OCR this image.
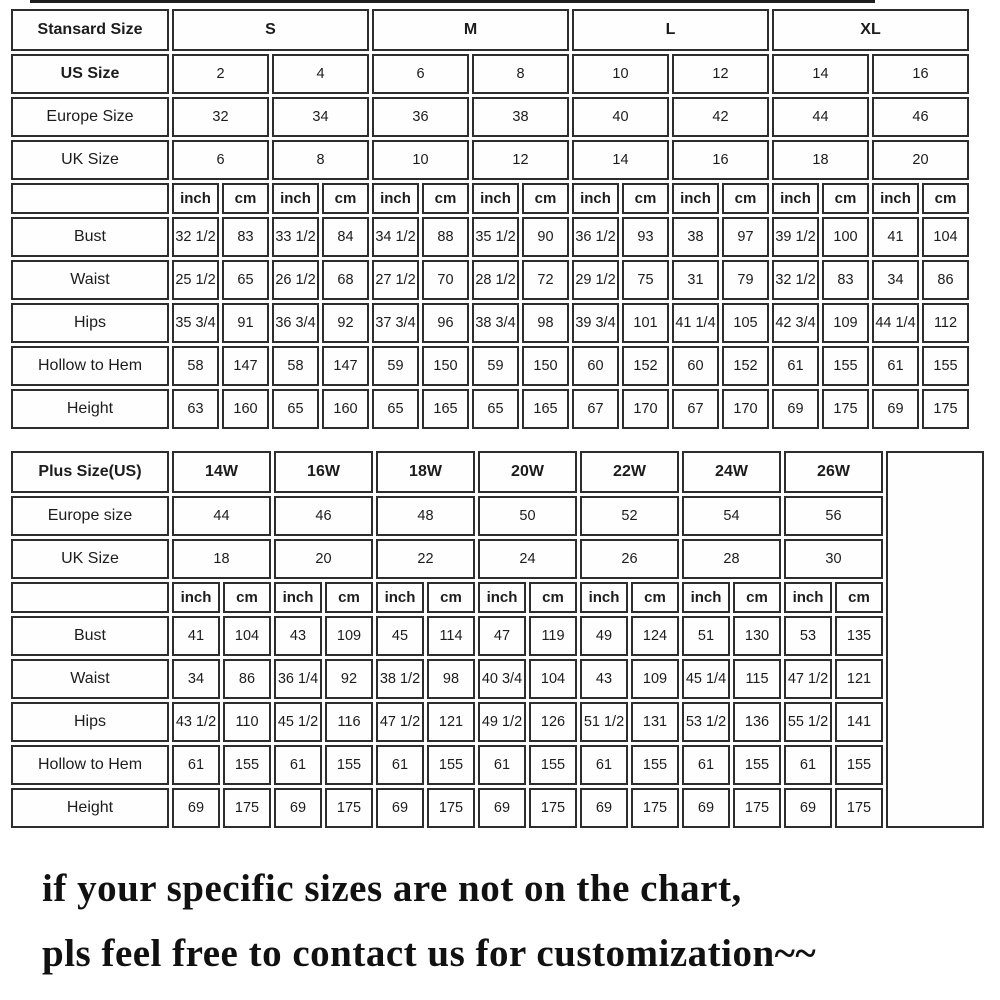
Stansard Size	S				M				L				XL			
US Size	2		4		6		8		10		12		14		16	
Europe Size	32		34		36		38		40		42		44		46	
UK Size	6		8		10		12		14		16		18		20	
	inch	cm	inch	cm	inch	cm	inch	cm	inch	cm	inch	cm	inch	cm	inch	cm
Bust	32 1/2	83	33 1/2	84	34 1/2	88	35 1/2	90	36 1/2	93	38	97	39 1/2	100	41	104
Waist	25 1/2	65	26 1/2	68	27 1/2	70	28 1/2	72	29 1/2	75	31	79	32 1/2	83	34	86
Hips	35 3/4	91	36 3/4	92	37 3/4	96	38 3/4	98	39 3/4	101	41 1/4	105	42 3/4	109	44 1/4	112
Hollow to Hem	58	147	58	147	59	150	59	150	60	152	60	152	61	155	61	155
Height	63	160	65	160	65	165	65	165	67	170	67	170	69	175	69	175
Plus Size(US)	14W		16W		18W		20W		22W		24W		26W		
Europe size	44		46		48		50		52		54		56		
UK Size	18		20		22		24		26		28		30		
	inch	cm	inch	cm	inch	cm	inch	cm	inch	cm	inch	cm	inch	cm	
Bust	41	104	43	109	45	114	47	119	49	124	51	130	53	135	
Waist	34	86	36 1/4	92	38 1/2	98	40 3/4	104	43	109	45 1/4	115	47 1/2	121	
Hips	43 1/2	110	45 1/2	116	47 1/2	121	49 1/2	126	51 1/2	131	53 1/2	136	55 1/2	141	
Hollow to Hem	61	155	61	155	61	155	61	155	61	155	61	155	61	155	
Height	69	175	69	175	69	175	69	175	69	175	69	175	69	175	
if your specific sizes are not on the chart,
pls feel free to contact us for customization~~
